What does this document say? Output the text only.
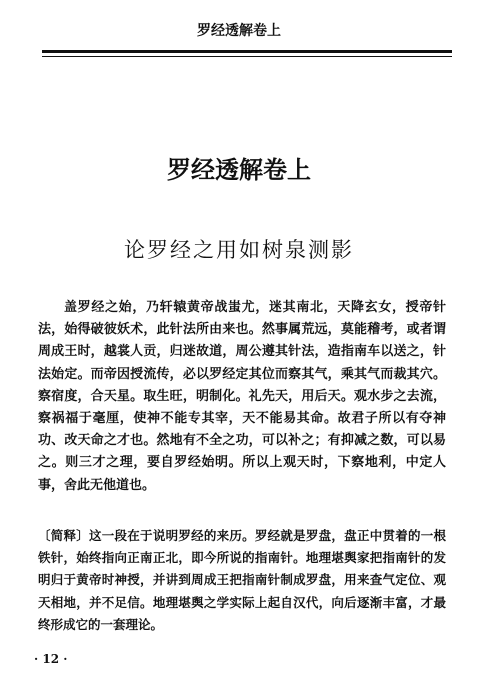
罗经透解卷上
罗经透解卷上
论罗经之用如树泉测影
盖罗经之始，乃轩辕黄帝战蚩尤，迷其南北，天降玄女，授帝针法，始得破彼妖术，此针法所由来也。然事属荒远，莫能稽考，或者谓周成王时，越裳人贡，归迷故道，周公遵其针法，造指南车以送之，针法始定。而帝因授流传，必以罗经定其位而察其气，乘其气而裁其穴。察宿度，合天星。取生旺，明制化。礼先天，用后天。观水步之去流，察祸福于毫厘，使神不能专其宰，天不能易其命。故君子所以有夺神功、改天命之才也。然地有不全之功，可以补之；有抑减之数，可以易之。则三才之理，要自罗经始明。所以上观天时，下察地利，中定人事，舍此无他道也。
〔简释〕这一段在于说明罗经的来历。罗经就是罗盘，盘正中贯着的一根铁针，始终指向正南正北，即今所说的指南针。地理堪舆家把指南针的发明归于黄帝时神授，并讲到周成王把指南针制成罗盘，用来查气定位、观天相地，并不足信。地理堪舆之学实际上起自汉代，向后逐渐丰富，才最终形成它的一套理论。
· 12 ·
